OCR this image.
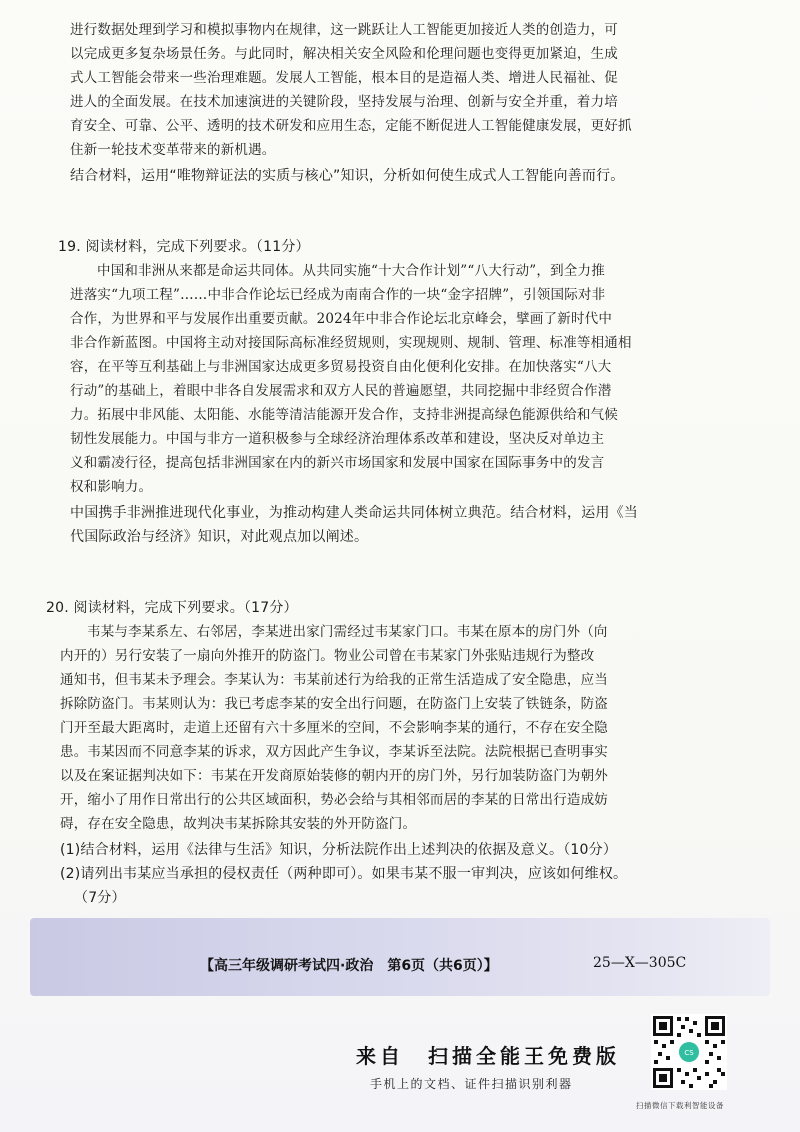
进行数据处理到学习和模拟事物内在规律，这一跳跃让人工智能更加接近人类的创造力，可

以完成更多复杂场景任务。与此同时，解决相关安全风险和伦理问题也变得更加紧迫，生成

式人工智能会带来一些治理难题。发展人工智能，根本目的是造福人类、增进人民福祉、促

进人的全面发展。在技术加速演进的关键阶段，坚持发展与治理、创新与安全并重，着力培

育安全、可靠、公平、透明的技术研发和应用生态，定能不断促进人工智能健康发展，更好抓

住新一轮技术变革带来的新机遇。

结合材料，运用“唯物辩证法的实质与核心”知识，分析如何使生成式人工智能向善而行。

19. 阅读材料，完成下列要求。（11分）

中国和非洲从来都是命运共同体。从共同实施“十大合作计划”“八大行动”，到全力推

进落实“九项工程”……中非合作论坛已经成为南南合作的一块“金字招牌”，引领国际对非

合作，为世界和平与发展作出重要贡献。2024年中非合作论坛北京峰会，擘画了新时代中

非合作新蓝图。中国将主动对接国际高标准经贸规则，实现规则、规制、管理、标准等相通相

容，在平等互利基础上与非洲国家达成更多贸易投资自由化便利化安排。在加快落实“八大

行动”的基础上，着眼中非各自发展需求和双方人民的普遍愿望，共同挖掘中非经贸合作潜

力。拓展中非风能、太阳能、水能等清洁能源开发合作，支持非洲提高绿色能源供给和气候

韧性发展能力。中国与非方一道积极参与全球经济治理体系改革和建设，坚决反对单边主

义和霸凌行径，提高包括非洲国家在内的新兴市场国家和发展中国家在国际事务中的发言

权和影响力。

中国携手非洲推进现代化事业，为推动构建人类命运共同体树立典范。结合材料，运用《当

代国际政治与经济》知识，对此观点加以阐述。

20. 阅读材料，完成下列要求。（17分）

韦某与李某系左、右邻居，李某进出家门需经过韦某家门口。韦某在原本的房门外（向

内开的）另行安装了一扇向外推开的防盗门。物业公司曾在韦某家门外张贴违规行为整改

通知书，但韦某未予理会。李某认为：韦某前述行为给我的正常生活造成了安全隐患，应当

拆除防盗门。韦某则认为：我已考虑李某的安全出行问题，在防盗门上安装了铁链条，防盗

门开至最大距离时，走道上还留有六十多厘米的空间，不会影响李某的通行，不存在安全隐

患。韦某因而不同意李某的诉求，双方因此产生争议，李某诉至法院。法院根据已查明事实

以及在案证据判决如下：韦某在开发商原始装修的朝内开的房门外，另行加装防盗门为朝外

开，缩小了用作日常出行的公共区域面积，势必会给与其相邻而居的李某的日常出行造成妨

碍，存在安全隐患，故判决韦某拆除其安装的外开防盗门。

(1)结合材料，运用《法律与生活》知识，分析法院作出上述判决的依据及意义。（10分）

(2)请列出韦某应当承担的侵权责任（两种即可）。如果韦某不服一审判决，应该如何维权。

（7分）

【高三年级调研考试四·政治　第6页（共6页）】	25—X—305C
来自　扫描全能王免费版
手机上的文档、证件扫描识别利器
CS
扫描微信下载利智能设备
